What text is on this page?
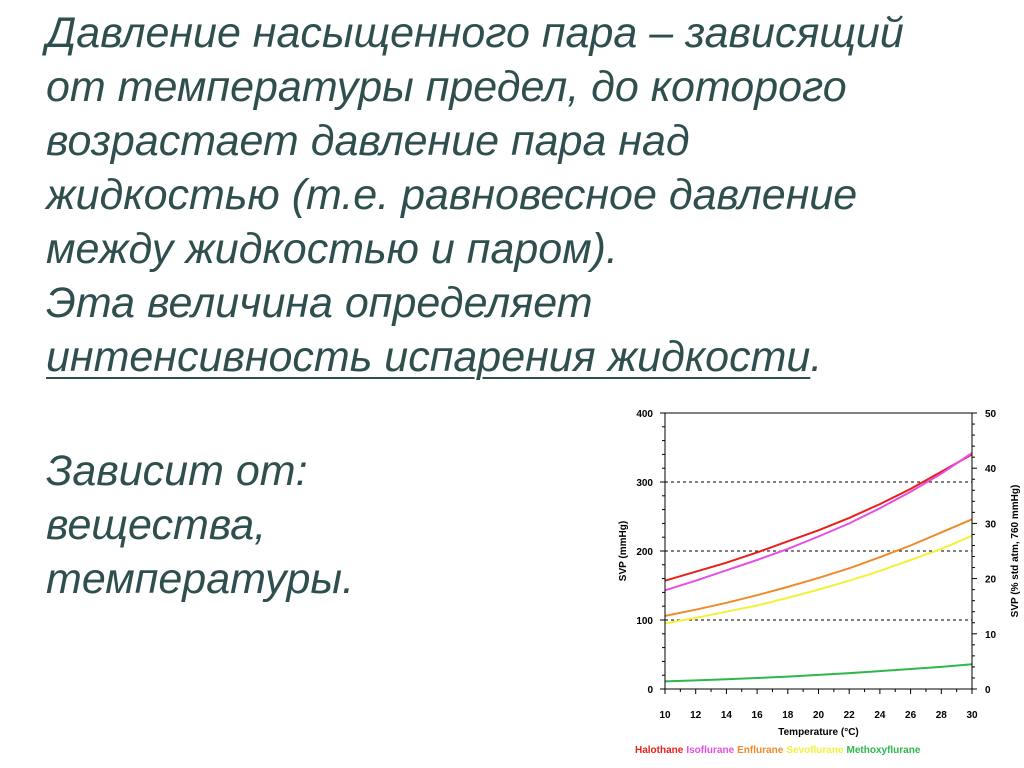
Давление насыщенного пара – зависящий
от температуры предел, до которого
возрастает давление пара над
жидкостью (т.е. равновесное давление
между жидкостью и паром).
Эта величина определяет
интенсивность испарения жидкости.
Зависит от:
вещества,
температуры.
10 12 14 16 18 20 22 24 26 28 30
0
100
200
300
400
0
10
20
30
40
50
Temperature (°C)
SVP (mmHg)	SVP (% std atm, 760 mmHg)
Halothane Isoflurane Enflurane Sevoflurane Methoxyflurane
